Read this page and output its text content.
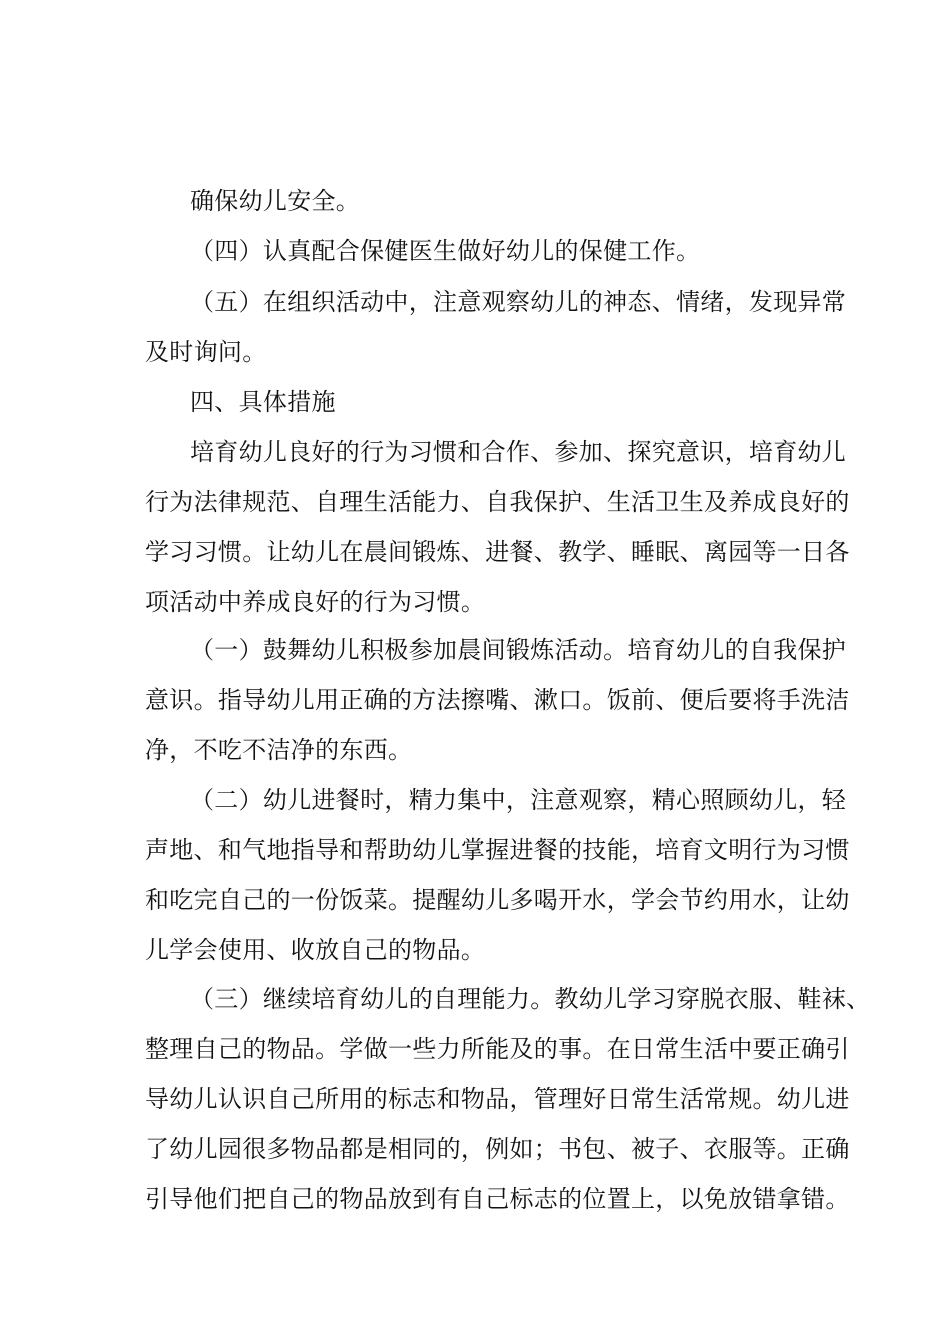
确保幼儿安全。
（四）认真配合保健医生做好幼儿的保健工作。
（五）在组织活动中，注意观察幼儿的神态、情绪，发现异常
及时询问。
四、具体措施
培育幼儿良好的行为习惯和合作、参加、探究意识，培育幼儿
行为法律规范、自理生活能力、自我保护、生活卫生及养成良好的
学习习惯。让幼儿在晨间锻炼、进餐、教学、睡眠、离园等一日各
项活动中养成良好的行为习惯。
（一）鼓舞幼儿积极参加晨间锻炼活动。培育幼儿的自我保护
意识。指导幼儿用正确的方法擦嘴、漱口。饭前、便后要将手洗洁
净，不吃不洁净的东西。
（二）幼儿进餐时，精力集中，注意观察，精心照顾幼儿，轻
声地、和气地指导和帮助幼儿掌握进餐的技能，培育文明行为习惯
和吃完自己的一份饭菜。提醒幼儿多喝开水，学会节约用水，让幼
儿学会使用、收放自己的物品。
（三）继续培育幼儿的自理能力。教幼儿学习穿脱衣服、鞋袜、
整理自己的物品。学做一些力所能及的事。在日常生活中要正确引
导幼儿认识自己所用的标志和物品，管理好日常生活常规。幼儿进
了幼儿园很多物品都是相同的，例如；书包、被子、衣服等。正确
引导他们把自己的物品放到有自己标志的位置上，以免放错拿错。
